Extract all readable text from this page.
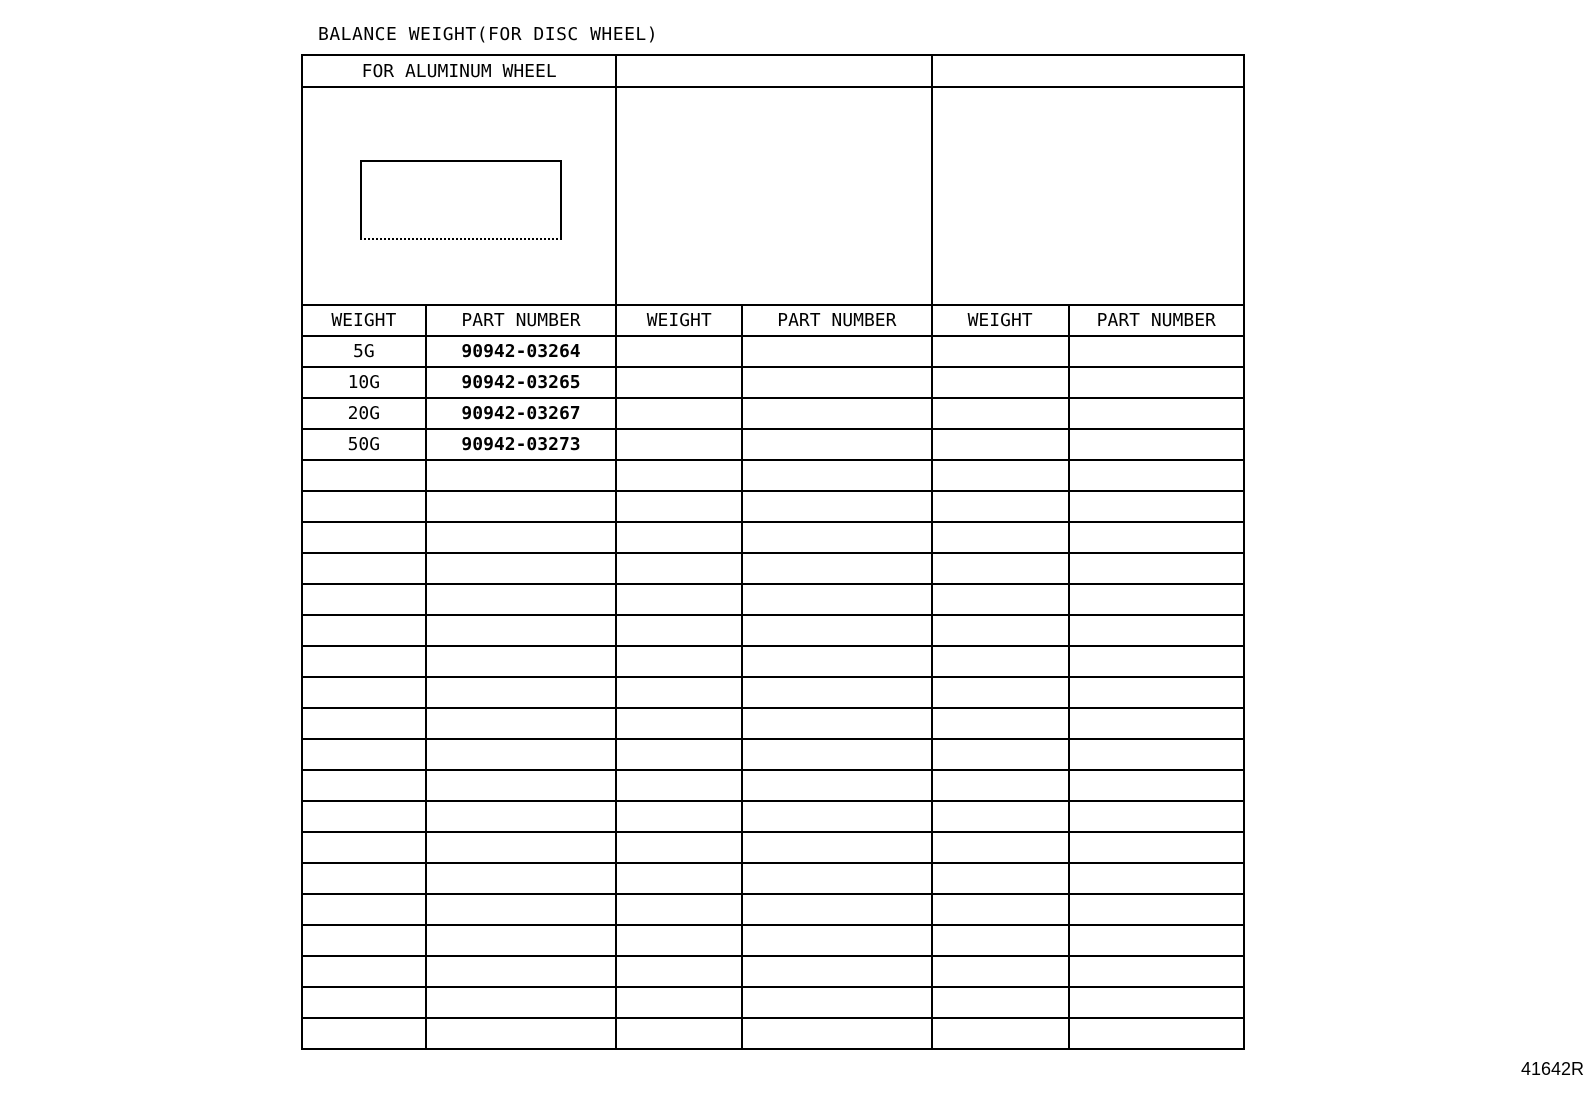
BALANCE WEIGHT(FOR DISC WHEEL)
FOR ALUMINUM WHEEL					

WEIGHT	PART NUMBER	WEIGHT	PART NUMBER	WEIGHT	PART NUMBER
5G	90942-03264				
10G	90942-03265				
20G	90942-03267				
50G	90942-03273				

41642R
